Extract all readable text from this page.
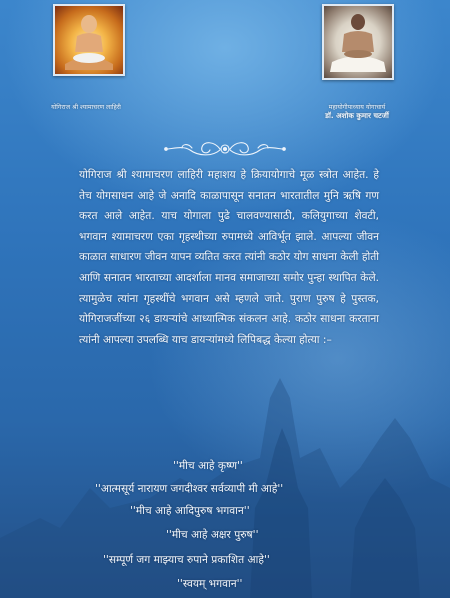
योगिराज श्री श्यामाचरण लाहिरी	महायोगीपाध्याय योगाचार्य
डॉ. अशोक कुमार चटर्जी

योगिराज श्री श्यामाचरण लाहिरी महाशय हे क्रियायोगाचे मूळ स्त्रोत आहेत. हे तेच योगसाधन आहे जे अनादि काळापासून सनातन भारतातील मुनि ऋषि गण करत आले आहेत. याच योगाला पुढे चालवण्यासाठी, कलियुगाच्या शेवटी, भगवान श्यामाचरण एका गृहस्थीच्या रुपामध्ये आविर्भूत झाले. आपल्या जीवन काळात साधारण जीवन यापन व्यतित करत त्यांनी कठोर योग साधना केली होती आणि सनातन भारताच्या आदर्शाला मानव समाजाच्या समोर पुन्हा स्थापित केले. त्यामुळेच त्यांना गृहस्थींचे भगवान असे म्हणले जाते. पुराण पुरुष हे पुस्तक, योगिराजजींच्या २६ डायऱ्यांचे आध्यात्मिक संकलन आहे. कठोर साधना करताना त्यांनी आपल्या उपलब्धि याच डायऱ्यांमध्ये लिपिबद्ध केल्या होत्या :–

''मीच आहे कृष्ण''
''आत्मसूर्य नारायण जगदीश्वर सर्वव्यापी मी आहे''
''मीच आहे आदिपुरुष भगवान''
''मीच आहे अक्षर पुरुष''
''सम्पूर्ण जग माझ्याच रुपाने प्रकाशित आहे''
''स्वयम् भगवान''
